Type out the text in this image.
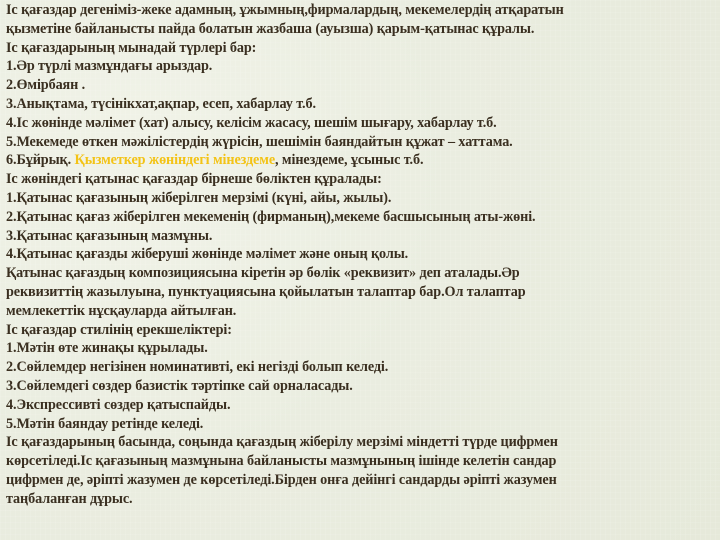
Іс қағаздар дегеніміз-жеке адамның, ұжымның,фирмалардың, мекемелердің атқаратын
қызметіне байланысты пайда болатын жазбаша (ауызша) қарым-қатынас құралы.
Іс қағаздарының мынадай түрлері бар:
1.Әр түрлі мазмұндағы арыздар.
2.Өмірбаян .
3.Анықтама, түсінікхат,ақпар, есеп, хабарлау т.б.
4.Іс жөнінде мәлімет (хат) алысу, келісім жасасу, шешім шығару, хабарлау т.б.
5.Мекемеде өткен мәжілістердің жүрісін, шешімін баяндайтын құжат – хаттама.
6.Бұйрық. Қызметкер жөніндегі мінездеме, мінездеме, ұсыныс т.б.
Іс жөніндегі қатынас қағаздар бірнеше бөліктен құралады:
1.Қатынас қағазының жіберілген мерзімі (күні, айы, жылы).
2.Қатынас қағаз жіберілген мекеменің (фирманың),мекеме басшысының аты-жөні.
3.Қатынас қағазының мазмұны.
4.Қатынас қағазды жіберуші жөнінде мәлімет және оның қолы.
Қатынас қағаздың композициясына кіретін әр бөлік «реквизит» деп аталады.Әр
реквизиттің жазылуына, пунктуациясына қойылатын талаптар бар.Ол талаптар
мемлекеттік нұсқауларда айтылған.
Іс қағаздар стилінің ерекшеліктері:
1.Мәтін өте жинақы құрылады.
2.Сөйлемдер негізінен номинативті, екі негізді болып келеді.
3.Сөйлемдегі сөздер базистік тәртіпке сай орналасады.
4.Экспрессивті сөздер қатыспайды.
5.Мәтін баяндау ретінде келеді.
Іс қағаздарының басында, соңында қағаздың жіберілу мерзімі міндетті түрде цифрмен
көрсетіледі.Іс қағазының мазмұнына байланысты мазмұнының ішінде келетін сандар
цифрмен де, әріпті жазумен де көрсетіледі.Бірден онға дейінгі сандарды әріпті жазумен
таңбаланған дұрыс.
